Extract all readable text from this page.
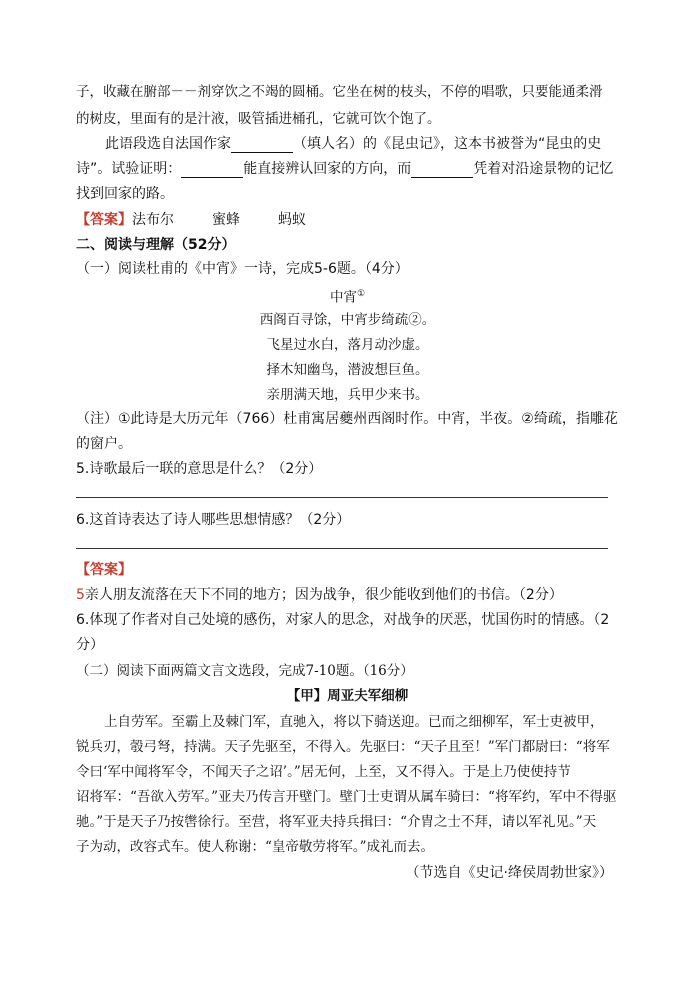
子，收藏在腑部－－剂穿饮之不竭的圆桶。它坐在树的枝头，不停的唱歌，只要能通柔滑
的树皮，里面有的是汁液，吸管插进桶孔，它就可饮个饱了。
此语段选自法国作家	（填人名）的《昆虫记》，这本书被誉为“昆虫的史
诗”。试验证明：	能直接辨认回家的方向，而	凭着对沿途景物的记忆
找到回家的路。
【答案】法布尔	蜜蜂	蚂蚁
二、阅读与理解（52分）
（一）阅读杜甫的《中宵》一诗，完成5-6题。（4分）
中宵①
西阁百寻馀，中宵步绮疏②。
飞星过水白，落月动沙虚。
择木知幽鸟，潜波想巨鱼。
亲朋满天地，兵甲少来书。
（注）①此诗是大历元年（766）杜甫寓居夔州西阁时作。中宵，半夜。②绮疏，指雕花
的窗户。
5.诗歌最后一联的意思是什么？（2分）
6.这首诗表达了诗人哪些思想情感？（2分）
【答案】
5亲人朋友流落在天下不同的地方；因为战争，很少能收到他们的书信。（2分）
6.体现了作者对自己处境的感伤，对家人的思念，对战争的厌恶，忧国伤时的情感。（2
分）
（二）阅读下面两篇文言文选段，完成7-10题。（16分）
【甲】周亚夫军细柳
上自劳军。至霸上及棘门军，直驰入，将以下骑送迎。已而之细柳军，军士吏被甲，
锐兵刃，彀弓弩，持满。天子先驱至，不得入。先驱曰：“天子且至！”军门都尉曰：“将军
令曰‘军中闻将军令，不闻天子之诏’。”居无何，上至，又不得入。于是上乃使使持节
诏将军：“吾欲入劳军。”亚夫乃传言开壁门。壁门士吏谓从属车骑曰：“将军约，军中不得驱
驰。”于是天子乃按辔徐行。至营，将军亚夫持兵揖曰：“介胄之士不拜，请以军礼见。”天
子为动，改容式车。使人称谢：“皇帝敬劳将军。”成礼而去。
（节选自《史记·绛侯周勃世家》）
